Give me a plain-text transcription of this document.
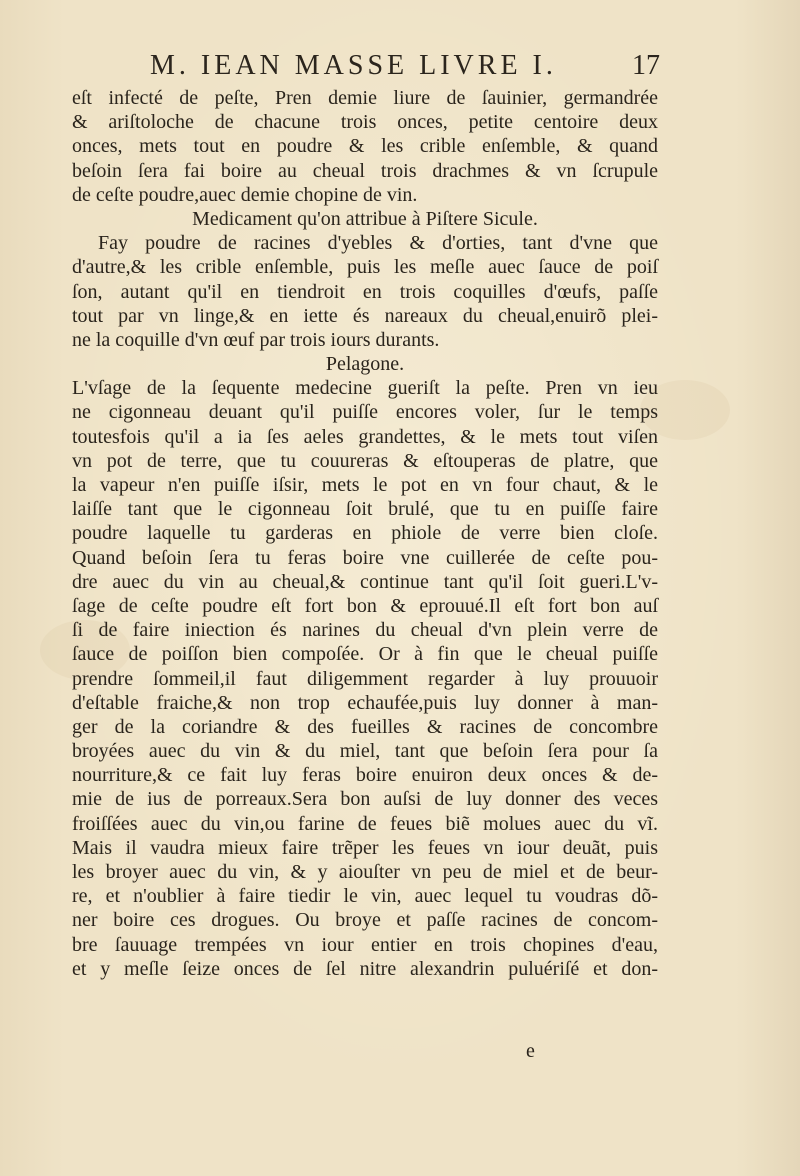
M. IEAN MASSE LIVRE I.	17
eſt infecté de peſte, Pren demie liure de ſauinier, germandrée
& ariſtoloche de chacune trois onces, petite centoire deux
onces, mets tout en poudre & les crible enſemble, & quand
beſoin ſera fai boire au cheual trois drachmes & vn ſcrupule
de ceſte poudre,auec demie chopine de vin.
Medicament qu'on attribue à Piſtere Sicule.
Fay poudre de racines d'yebles & d'orties, tant d'vne que
d'autre,& les crible enſemble, puis les meſle auec ſauce de poiſ
ſon, autant qu'il en tiendroit en trois coquilles d'œufs, paſſe
tout par vn linge,& en iette és nareaux du cheual,enuirõ plei-
ne la coquille d'vn œuf par trois iours durants.
Pelagone.
L'vſage de la ſequente medecine gueriſt la peſte. Pren vn ieu
ne cigonneau deuant qu'il puiſſe encores voler, ſur le temps
toutesfois qu'il a ia ſes aeles grandettes, & le mets tout viſen
vn pot de terre, que tu couureras & eſtouperas de platre, que
la vapeur n'en puiſſe iſsir, mets le pot en vn four chaut, & le
laiſſe tant que le cigonneau ſoit brulé, que tu en puiſſe faire
poudre laquelle tu garderas en phiole de verre bien cloſe.
Quand beſoin ſera tu feras boire vne cuillerée de ceſte pou-
dre auec du vin au cheual,& continue tant qu'il ſoit gueri.L'v-
ſage de ceſte poudre eſt fort bon & eprouué.Il eſt fort bon auſ
ſi de faire iniection és narines du cheual d'vn plein verre de
ſauce de poiſſon bien compoſée. Or à fin que le cheual puiſſe
prendre ſommeil,il faut diligemment regarder à luy prouuoir
d'eſtable fraiche,& non trop echaufée,puis luy donner à man-
ger de la coriandre & des fueilles & racines de concombre
broyées auec du vin & du miel, tant que beſoin ſera pour ſa
nourriture,& ce fait luy feras boire enuiron deux onces & de-
mie de ius de porreaux.Sera bon auſsi de luy donner des veces
froiſſées auec du vin,ou farine de feues biẽ molues auec du vĩ.
Mais il vaudra mieux faire trẽper les feues vn iour deuãt, puis
les broyer auec du vin, & y aiouſter vn peu de miel et de beur-
re, et n'oublier à faire tiedir le vin, auec lequel tu voudras dõ-
ner boire ces drogues. Ou broye et paſſe racines de concom-
bre ſauuage trempées vn iour entier en trois chopines d'eau,
et y meſle ſeize onces de ſel nitre alexandrin puluériſé et don-
e
